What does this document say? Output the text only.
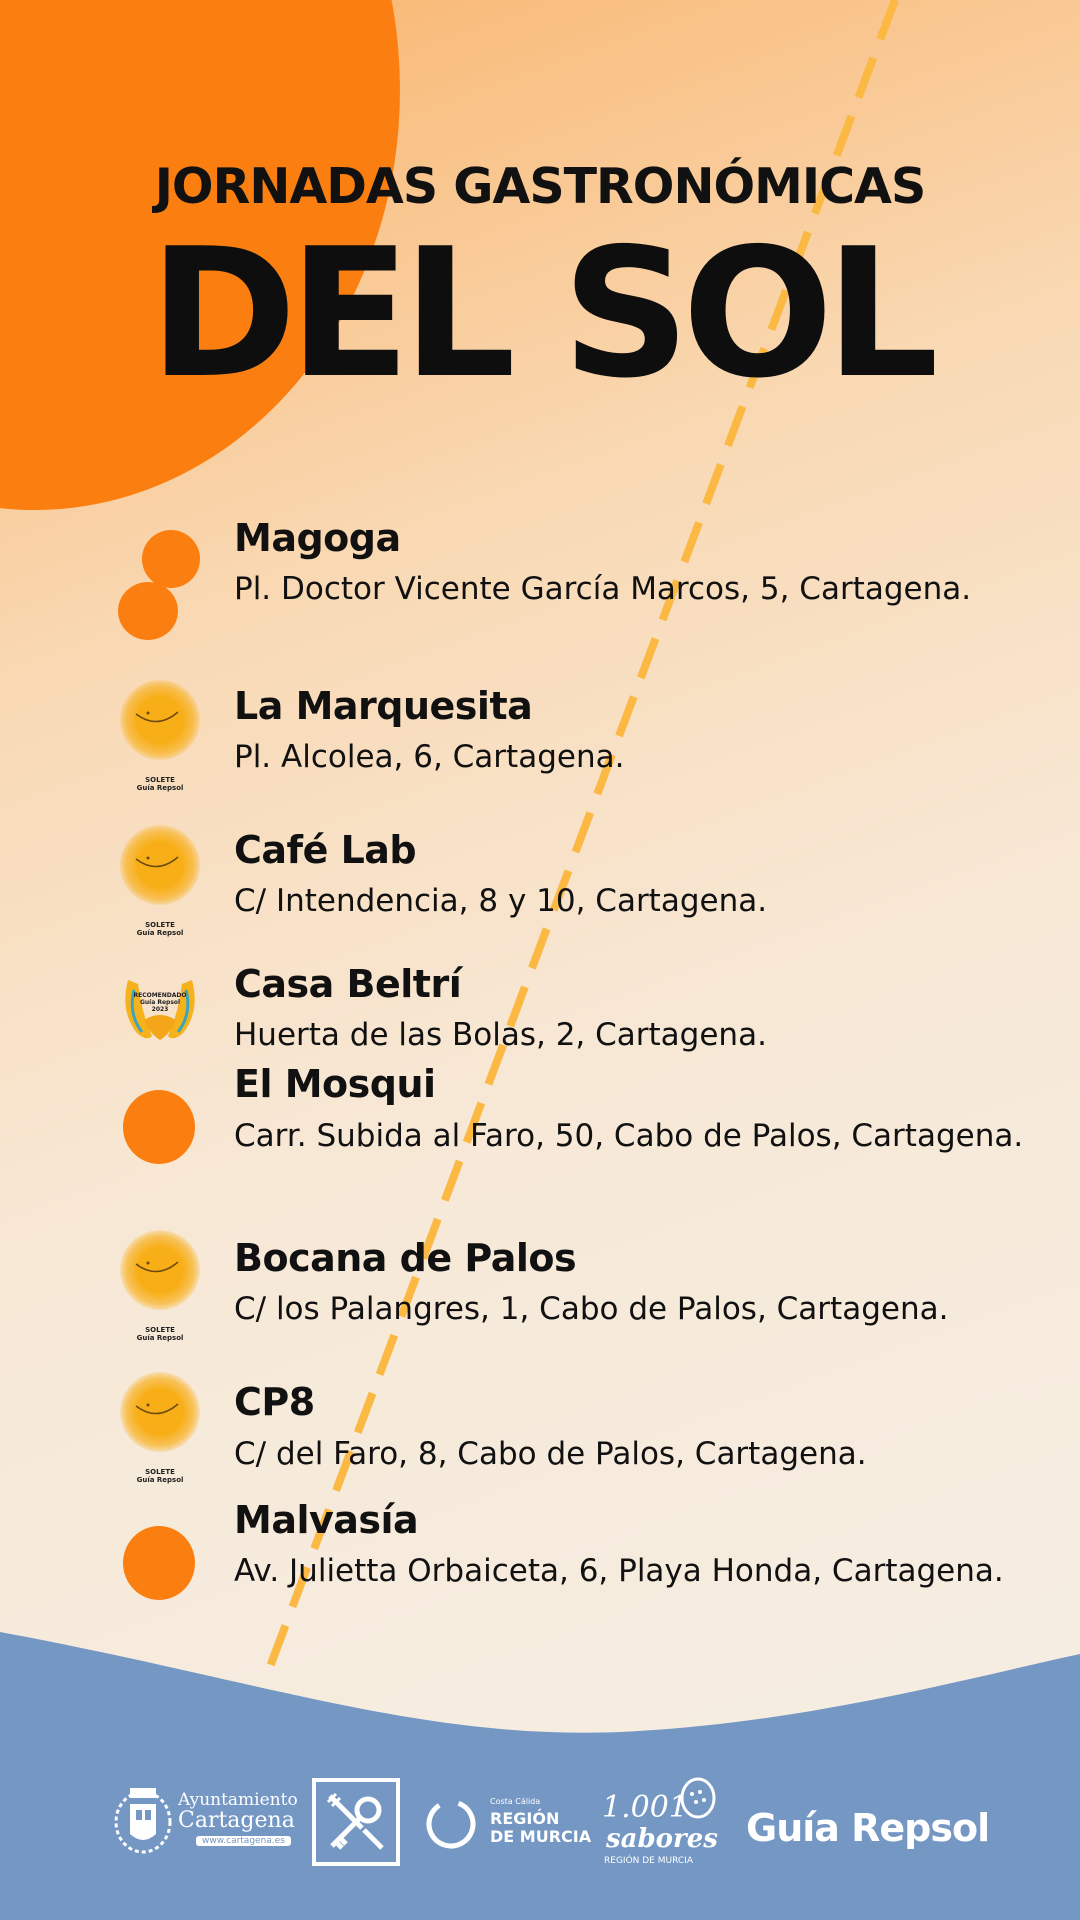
JORNADAS GASTRONÓMICAS
DEL SOL
Magoga
Pl. Doctor Vicente García Marcos, 5, Cartagena.
SOLETE
Guía Repsol
La Marquesita
Pl. Alcolea, 6, Cartagena.
SOLETE
Guía Repsol
Café Lab
C/ Intendencia, 8 y 10, Cartagena.
RECOMENDADO
Guía Repsol
2023
Casa Beltrí
Huerta de las Bolas, 2, Cartagena.
El Mosqui
Carr. Subida al Faro, 50, Cabo de Palos, Cartagena.
SOLETE
Guía Repsol
Bocana de Palos
C/ los Palangres, 1, Cabo de Palos, Cartagena.
SOLETE
Guía Repsol
CP8
C/ del Faro, 8, Cabo de Palos, Cartagena.
Malvasía
Av. Julietta Orbaiceta, 6, Playa Honda, Cartagena.
Ayuntamiento
Cartagena
www.cartagena.es
Costa Cálida
REGIÓN
DE MURCIA
1.001
sabores
REGIÓN DE MURCIA
Guía Repsol
